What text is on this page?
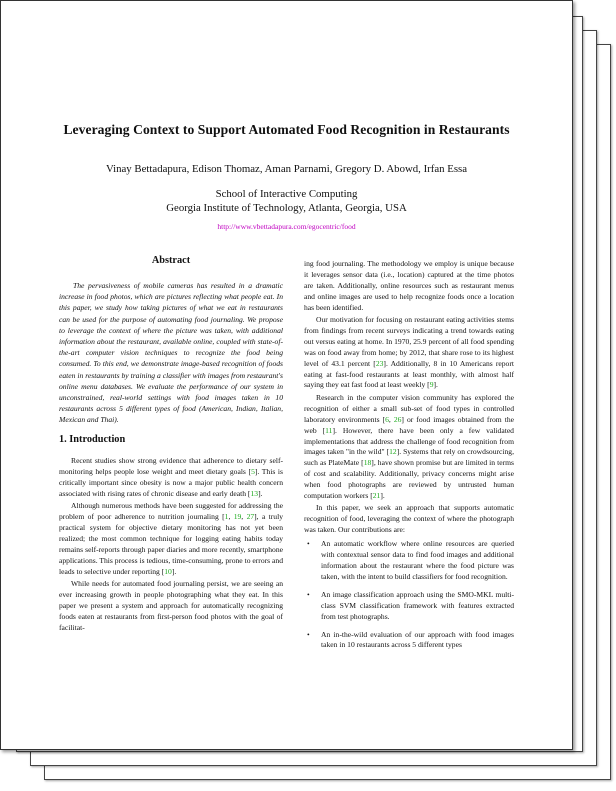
Leveraging Context to Support Automated Food Recognition in Restaurants
Vinay Bettadapura, Edison Thomaz, Aman Parnami, Gregory D. Abowd, Irfan Essa
School of Interactive Computing
Georgia Institute of Technology, Atlanta, Georgia, USA
http://www.vbettadapura.com/egocentric/food
Abstract
The pervasiveness of mobile cameras has resulted in a dramatic increase in food photos, which are pictures reflecting what people eat. In this paper, we study how taking pictures of what we eat in restaurants can be used for the purpose of automating food journaling. We propose to leverage the context of where the picture was taken, with additional information about the restaurant, available online, coupled with state-of-the-art computer vision techniques to recognize the food being consumed. To this end, we demonstrate image-based recognition of foods eaten in restaurants by training a classifier with images from restaurant's online menu databases. We evaluate the performance of our system in unconstrained, real-world settings with food images taken in 10 restaurants across 5 different types of food (American, Indian, Italian, Mexican and Thai).
1. Introduction

Recent studies show strong evidence that adherence to dietary self-monitoring helps people lose weight and meet dietary goals [5]. This is critically important since obesity is now a major public health concern associated with rising rates of chronic disease and early death [13].

Although numerous methods have been suggested for addressing the problem of poor adherence to nutrition journaling [1, 19, 27], a truly practical system for objective dietary monitoring has not yet been realized; the most common technique for logging eating habits today remains self-reports through paper diaries and more recently, smartphone applications. This process is tedious, time-consuming, prone to errors and leads to selective under reporting [10].

While needs for automated food journaling persist, we are seeing an ever increasing growth in people photographing what they eat. In this paper we present a system and approach for automatically recognizing foods eaten at restaurants from first-person food photos with the goal of facilitat-

ing food journaling. The methodology we employ is unique because it leverages sensor data (i.e., location) captured at the time photos are taken. Additionally, online resources such as restaurant menus and online images are used to help recognize foods once a location has been identified.

Our motivation for focusing on restaurant eating activities stems from findings from recent surveys indicating a trend towards eating out versus eating at home. In 1970, 25.9 percent of all food spending was on food away from home; by 2012, that share rose to its highest level of 43.1 percent [23]. Additionally, 8 in 10 Americans report eating at fast-food restaurants at least monthly, with almost half saying they eat fast food at least weekly [9].

Research in the computer vision community has explored the recognition of either a small sub-set of food types in controlled laboratory environments [6, 26] or food images obtained from the web [11]. However, there have been only a few validated implementations that address the challenge of food recognition from images taken "in the wild" [12]. Systems that rely on crowdsourcing, such as PlateMate [18], have shown promise but are limited in terms of cost and scalability. Additionally, privacy concerns might arise when food photographs are reviewed by untrusted human computation workers [21].

In this paper, we seek an approach that supports automatic recognition of food, leveraging the context of where the photograph was taken. Our contributions are:

• An automatic workflow where online resources are queried with contextual sensor data to find food images and additional information about the restaurant where the food picture was taken, with the intent to build classifiers for food recognition.
• An image classification approach using the SMO-MKL multi-class SVM classification framework with features extracted from test photographs.
• An in-the-wild evaluation of our approach with food images taken in 10 restaurants across 5 different types
